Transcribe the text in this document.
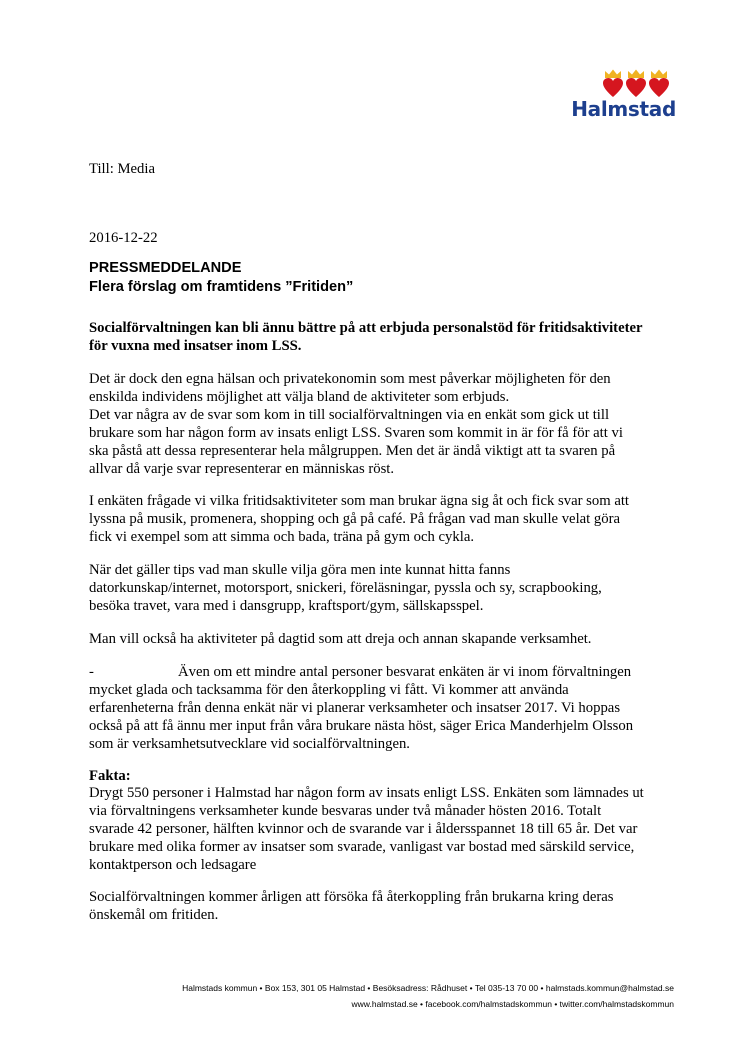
Halmstad

Till: Media

2016-12-22

PRESSMEDDELANDE

Flera förslag om framtidens ”Fritiden”

Socialförvaltningen kan bli ännu bättre på att erbjuda personalstöd för fritidsaktiviteter

för vuxna med insatser inom LSS.

Det är dock den egna hälsan och privatekonomin som mest påverkar möjligheten för den

enskilda individens möjlighet att välja bland de aktiviteter som erbjuds.

Det var några av de svar som kom in till socialförvaltningen via en enkät som gick ut till

brukare som har någon form av insats enligt LSS. Svaren som kommit in är för få för att vi

ska påstå att dessa representerar hela målgruppen. Men det är ändå viktigt att ta svaren på

allvar då varje svar representerar en människas röst.

I enkäten frågade vi vilka fritidsaktiviteter som man brukar ägna sig åt och fick svar som att

lyssna på musik, promenera, shopping och gå på café. På frågan vad man skulle velat göra

fick vi exempel som att simma och bada, träna på gym och cykla.

När det gäller tips vad man skulle vilja göra men inte kunnat hitta fanns

datorkunskap/internet, motorsport, snickeri, föreläsningar, pyssla och sy, scrapbooking,

besöka travet, vara med i dansgrupp, kraftsport/gym, sällskapsspel.

Man vill också ha aktiviteter på dagtid som att dreja och annan skapande verksamhet.

-	Även om ett mindre antal personer besvarat enkäten är vi inom förvaltningen

mycket glada och tacksamma för den återkoppling vi fått. Vi kommer att använda

erfarenheterna från denna enkät när vi planerar verksamheter och insatser 2017. Vi hoppas

också på att få ännu mer input från våra brukare nästa höst, säger Erica Manderhjelm Olsson

som är verksamhetsutvecklare vid socialförvaltningen.

Fakta:

Drygt 550 personer i Halmstad har någon form av insats enligt LSS. Enkäten som lämnades ut

via förvaltningens verksamheter kunde besvaras under två månader hösten 2016. Totalt

svarade 42 personer, hälften kvinnor och de svarande var i åldersspannet 18 till 65 år. Det var

brukare med olika former av insatser som svarade, vanligast var bostad med särskild service,

kontaktperson och ledsagare

Socialförvaltningen kommer årligen att försöka få återkoppling från brukarna kring deras

önskemål om fritiden.

Halmstads kommun • Box 153, 301 05 Halmstad • Besöksadress: Rådhuset • Tel 035-13 70 00 • halmstads.kommun@halmstad.se

www.halmstad.se • facebook.com/halmstadskommun • twitter.com/halmstadskommun
